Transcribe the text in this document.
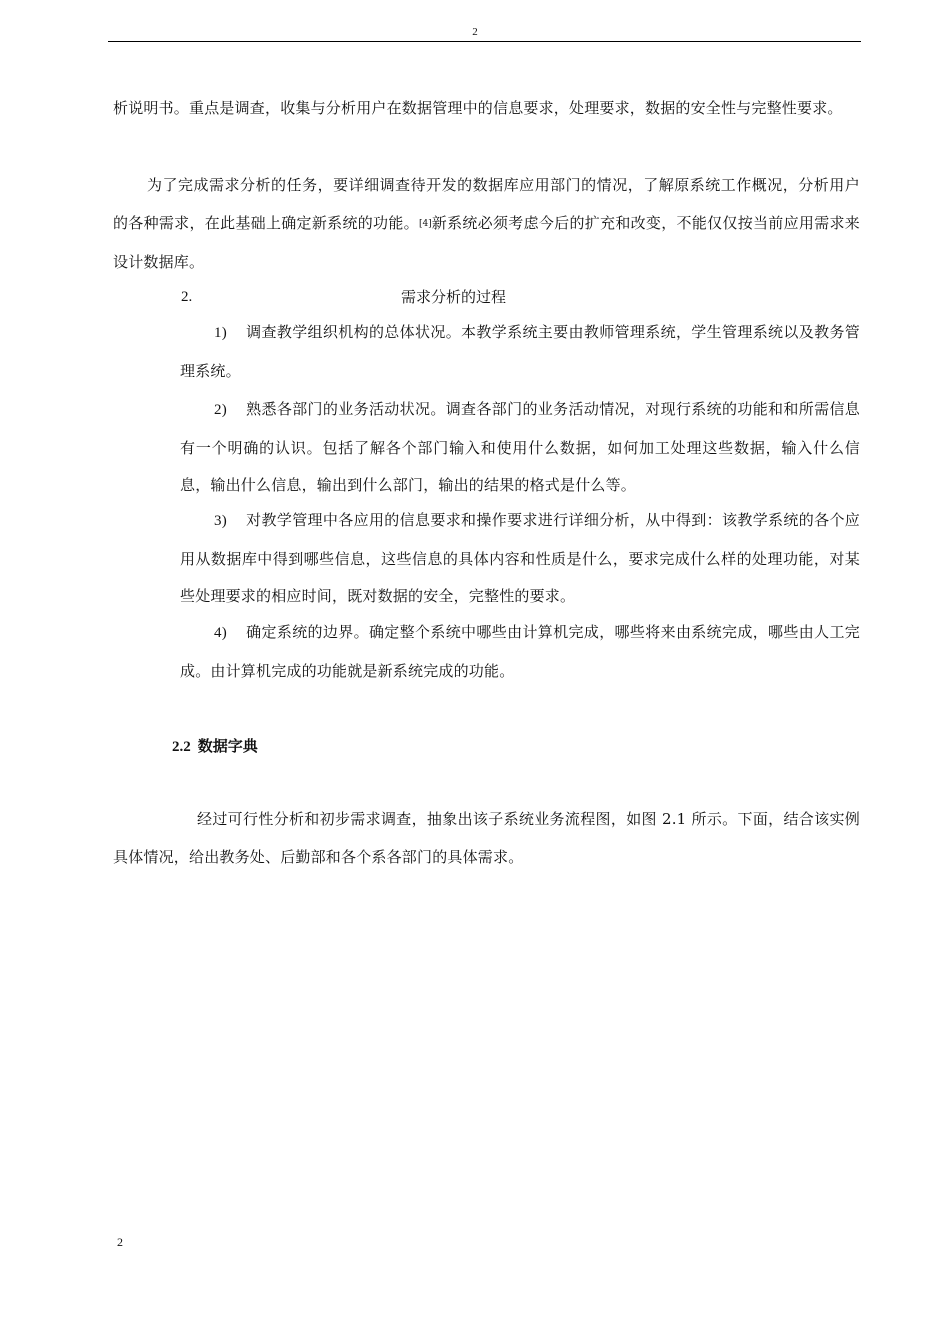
2
析说明书。重点是调查，收集与分析用户在数据管理中的信息要求，处理要求，数据的安全性与完整性要求。
为了完成需求分析的任务，要详细调查待开发的数据库应用部门的情况，了解原系统工作概况，分析用户的各种需求，在此基础上确定新系统的功能。[4]新系统必须考虑今后的扩充和改变，不能仅仅按当前应用需求来设计数据库。
2.	需求分析的过程
1) 调查教学组织机构的总体状况。本教学系统主要由教师管理系统，学生管理系统以及教务管理系统。
2) 熟悉各部门的业务活动状况。调查各部门的业务活动情况，对现行系统的功能和和所需信息有一个明确的认识。包括了解各个部门输入和使用什么数据，如何加工处理这些数据，输入什么信息，输出什么信息，输出到什么部门，输出的结果的格式是什么等。
3) 对教学管理中各应用的信息要求和操作要求进行详细分析，从中得到：该教学系统的各个应用从数据库中得到哪些信息，这些信息的具体内容和性质是什么，要求完成什么样的处理功能，对某些处理要求的相应时间，既对数据的安全，完整性的要求。
4) 确定系统的边界。确定整个系统中哪些由计算机完成，哪些将来由系统完成，哪些由人工完成。由计算机完成的功能就是新系统完成的功能。
2.2 数据字典
经过可行性分析和初步需求调查，抽象出该子系统业务流程图，如图 2.1 所示。下面，结合该实例具体情况，给出教务处、后勤部和各个系各部门的具体需求。
2
